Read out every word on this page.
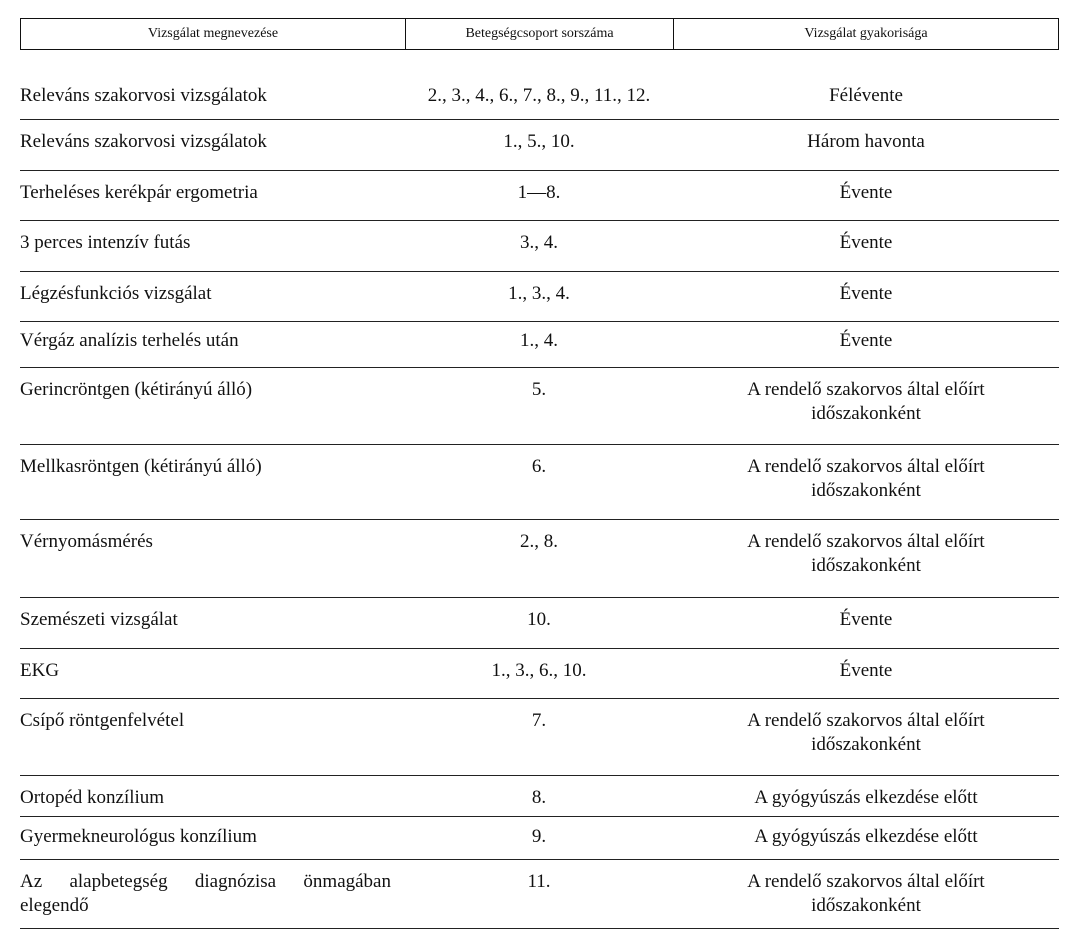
Vizsgálat megnevezése	Betegségcsoport sorszáma	Vizsgálat gyakorisága
Releváns szakorvosi vizsgálatok	2., 3., 4., 6., 7., 8., 9., 11., 12.	Félévente
Releváns szakorvosi vizsgálatok	1., 5., 10.	Három havonta
Terheléses kerékpár ergometria	1—8.	Évente
3 perces intenzív futás	3., 4.	Évente
Légzésfunkciós vizsgálat	1., 3., 4.	Évente
Vérgáz analízis terhelés után	1., 4.	Évente
Gerincröntgen (kétirányú álló)	5.	A rendelő szakorvos által előírt
időszakonként
Mellkasröntgen (kétirányú álló)	6.	A rendelő szakorvos által előírt
időszakonként
Vérnyomásmérés	2., 8.	A rendelő szakorvos által előírt
időszakonként
Szemészeti vizsgálat	10.	Évente
EKG	1., 3., 6., 10.	Évente
Csípő röntgenfelvétel	7.	A rendelő szakorvos által előírt
időszakonként
Ortopéd konzílium	8.	A gyógyúszás elkezdése előtt
Gyermekneurológus konzílium	9.	A gyógyúszás elkezdése előtt
Az alapbetegség diagnózisa önmagában
elegendő
11.	A rendelő szakorvos által előírt
időszakonként
